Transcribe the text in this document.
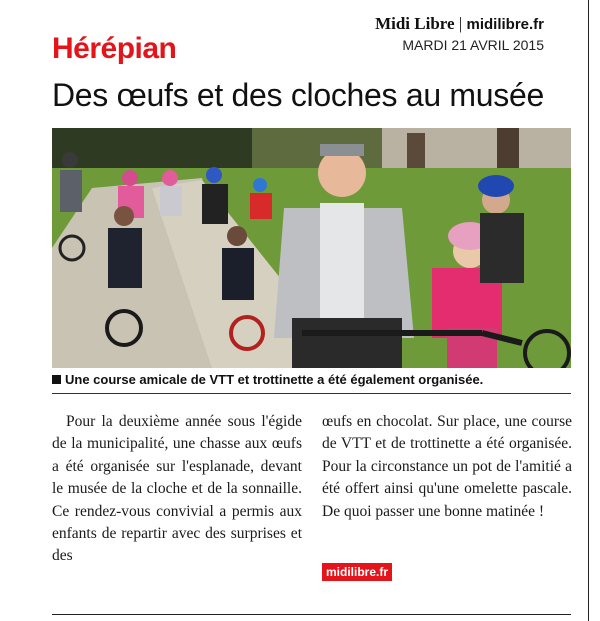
Midi Libre | midilibre.fr
MARDI 21 AVRIL 2015
Hérépian
Des œufs et des cloches au musée
Une course amicale de VTT et trottinette a été également organisée.

Pour la deuxième année sous l'égide de la municipalité, une chasse aux œufs a été organisée sur l'esplanade, devant le musée de la cloche et de la sonnaille. Ce rendez-vous convivial a permis aux enfants de repartir avec des surprises et des

œufs en chocolat. Sur place, une course de VTT et de trottinette a été organisée. Pour la circonstance un pot de l'amitié a été offert ainsi qu'une omelette pascale. De quoi passer une bonne matinée !

midilibre.fr
